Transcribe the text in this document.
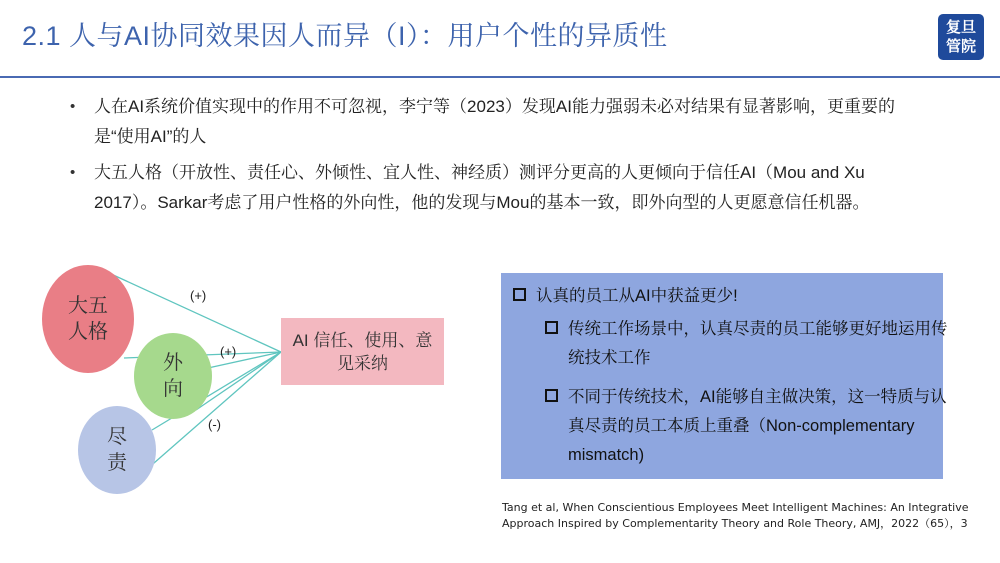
2.1 人与AI协同效果因人而异（I）：用户个性的异质性	复旦
管院
• 人在AI系统价值实现中的作用不可忽视，李宁等（2023）发现AI能力强弱未必对结果有显著影响，更重要的是“使用AI”的人
• 大五人格（开放性、责任心、外倾性、宜人性、神经质）测评分更高的人更倾向于信任AI（Mou and Xu 2017）。Sarkar考虑了用户性格的外向性，他的发现与Mou的基本一致，即外向型的人更愿意信任机器。
大五人格
外向
尽责
(+)
(+)
(-)
AI 信任、使用、意见采纳
认真的员工从AI中获益更少!
传统工作场景中，认真尽责的员工能够更好地运用传统技术工作
不同于传统技术，AI能够自主做决策，这一特质与认真尽责的员工本质上重叠（Non-complementary mismatch)
Tang et al, When Conscientious Employees Meet Intelligent Machines: An Integrative Approach Inspired by Complementarity Theory and Role Theory, AMJ，2022（65），3
